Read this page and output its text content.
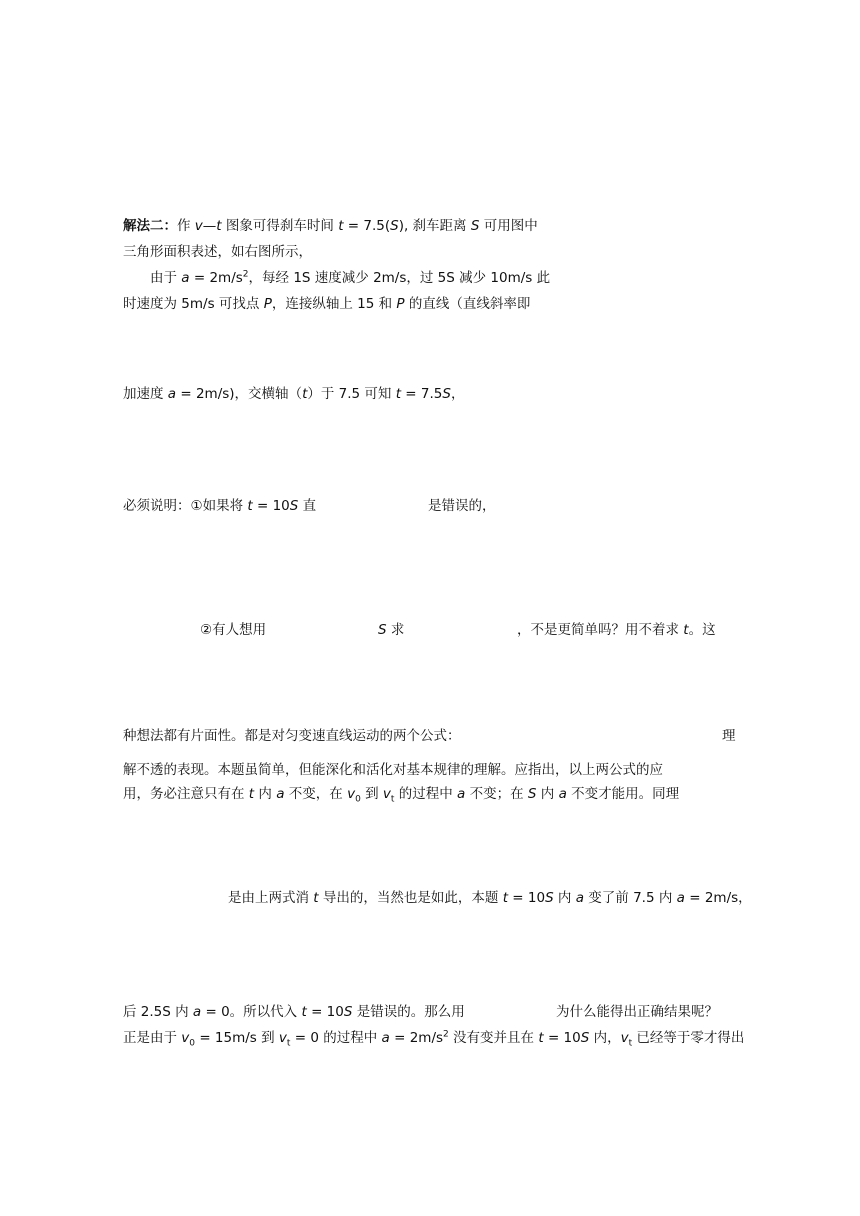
解法二：作 v—t 图象可得刹车时间 t = 7.5(S), 刹车距离 S 可用图中
三角形面积表述，如右图所示，
由于 $a = 2m/s^2$，每经 1S 速度减少 2m/s，过 5S 减少 10m/s 此
时速度为 5m/s 可找点 P，连接纵轴上 15 和 P 的直线（直线斜率即
加速度 a = 2m/s)，交横轴（t）于 7.5 可知 t = 7.5S，
必须说明：①如果将 t = 10S 直	是错误的，
②有人想用	S 求	，不是更简单吗？用不着求 t。这
种想法都有片面性。都是对匀变速直线运动的两个公式：	理
解不透的表现。本题虽简单，但能深化和活化对基本规律的理解。应指出，以上两公式的应
用，务必注意只有在 t 内 a 不变，在 $v_0$ 到 $v_t$ 的过程中 a 不变；在 S 内 a 不变才能用。同理
是由上两式消 t 导出的，当然也是如此，本题 t = 10S 内 a 变了前 7.5 内 a = 2m/s，
后 2.5S 内 a = 0。所以代入 t = 10S 是错误的。那么用	为什么能得出正确结果呢？
正是由于 $v_0 = 15m/s$ 到 $v_t = 0$ 的过程中 $a = 2m/s^2$ 没有变并且在 t = 10S 内，$v_t$ 已经等于零才得出
